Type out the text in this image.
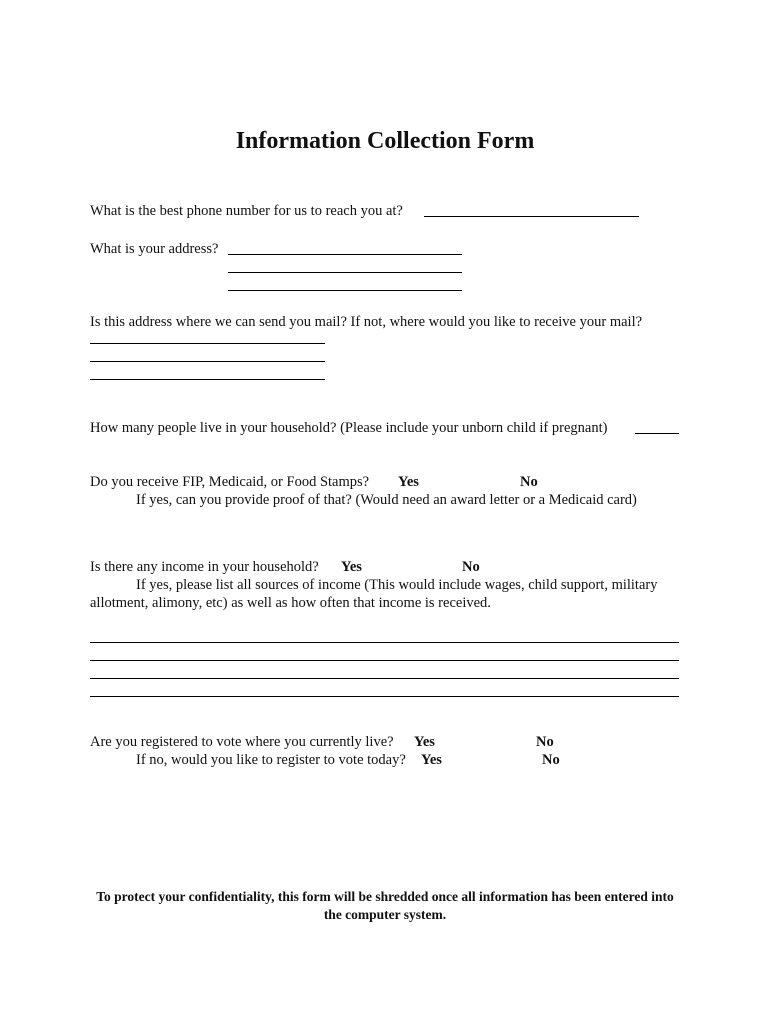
Information Collection Form
What is the best phone number for us to reach you at?
What is your address?
Is this address where we can send you mail? If not, where would you like to receive your mail?
How many people live in your household? (Please include your unborn child if pregnant)
Do you receive FIP, Medicaid, or Food Stamps? Yes	No
If yes, can you provide proof of that? (Would need an award letter or a Medicaid card)
Is there any income in your household? Yes	No
If yes, please list all sources of income (This would include wages, child support, military
allotment, alimony, etc) as well as how often that income is received.
Are you registered to vote where you currently live? Yes	No
If no, would you like to register to vote today? Yes	No
To protect your confidentiality, this form will be shredded once all information has been entered into the computer system.
